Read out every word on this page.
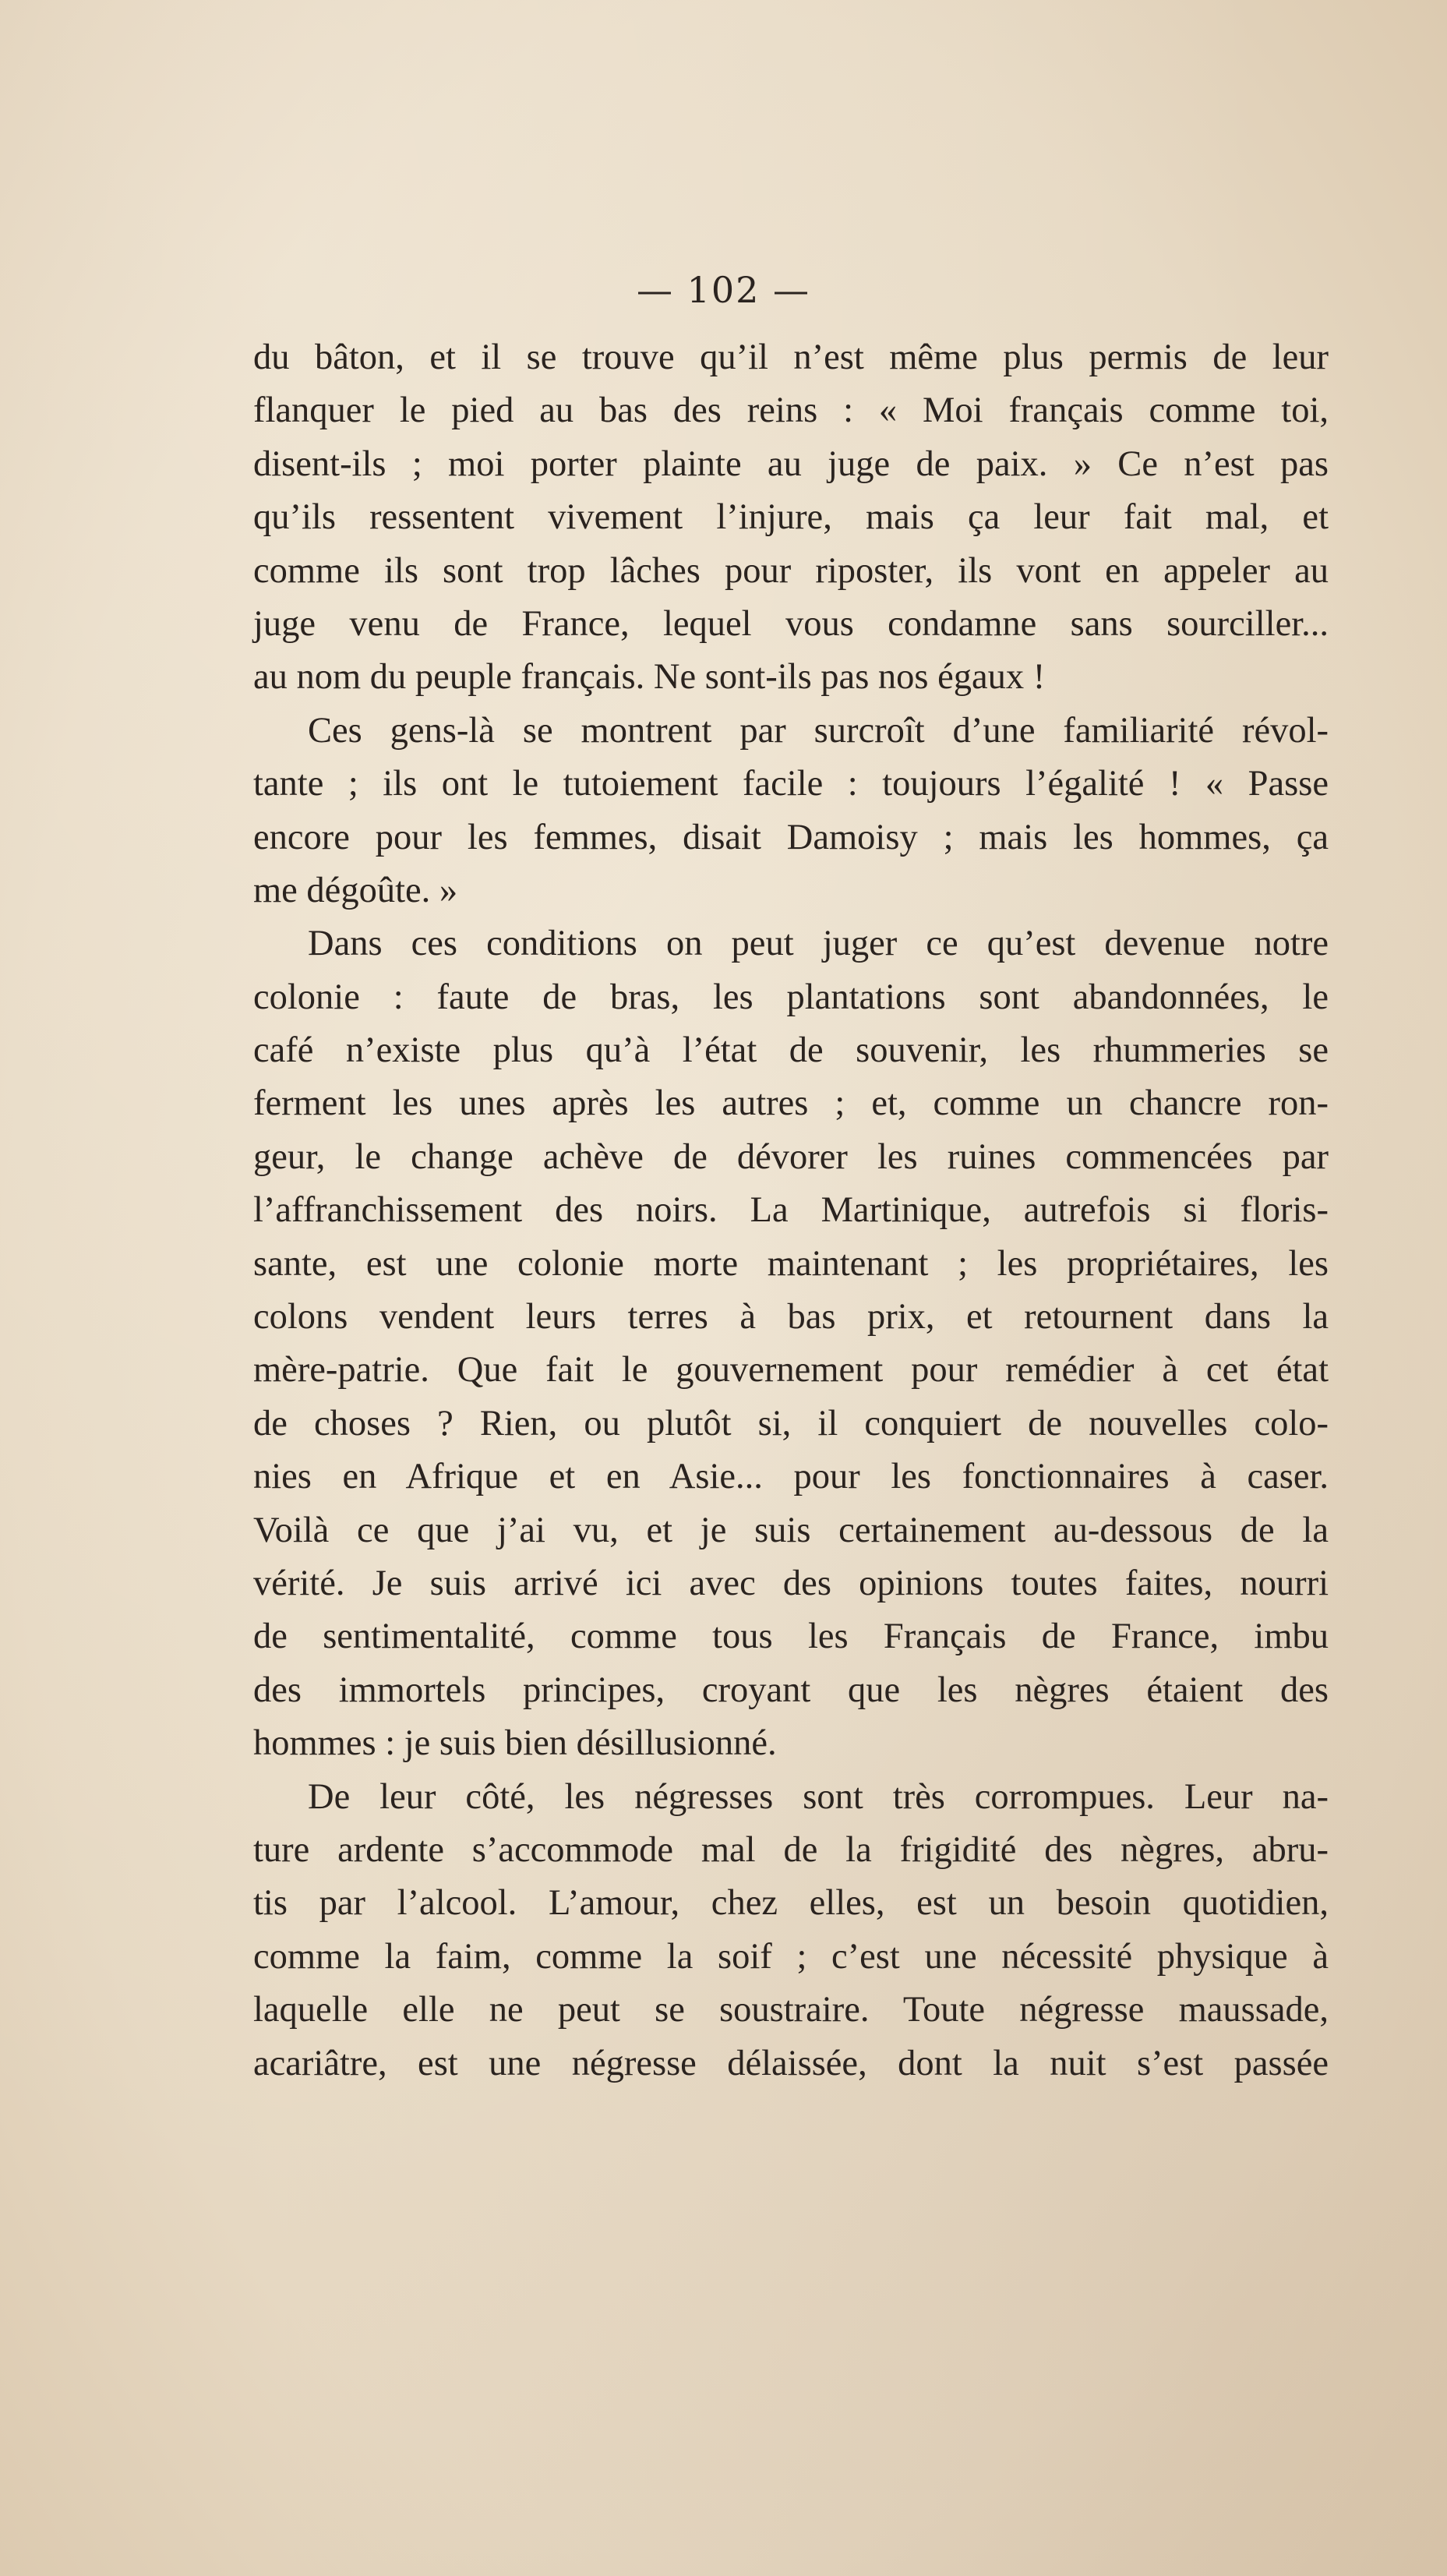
— 102 —
du bâton, et il se trouve qu’il n’est même plus permis de leur
flanquer le pied au bas des reins : « Moi français comme toi,
disent-ils ; moi porter plainte au juge de paix. » Ce n’est pas
qu’ils ressentent vivement l’injure, mais ça leur fait mal, et
comme ils sont trop lâches pour riposter, ils vont en appeler au
juge venu de France, lequel vous condamne sans sourciller...
au nom du peuple français. Ne sont-ils pas nos égaux !
Ces gens-là se montrent par surcroît d’une familiarité révol-
tante ; ils ont le tutoiement facile : toujours l’égalité ! « Passe
encore pour les femmes, disait Damoisy ; mais les hommes, ça
me dégoûte. »
Dans ces conditions on peut juger ce qu’est devenue notre
colonie : faute de bras, les plantations sont abandonnées, le
café n’existe plus qu’à l’état de souvenir, les rhummeries se
ferment les unes après les autres ; et, comme un chancre ron-
geur, le change achève de dévorer les ruines commencées par
l’affranchissement des noirs. La Martinique, autrefois si floris-
sante, est une colonie morte maintenant ; les propriétaires, les
colons vendent leurs terres à bas prix, et retournent dans la
mère-patrie. Que fait le gouvernement pour remédier à cet état
de choses ? Rien, ou plutôt si, il conquiert de nouvelles colo-
nies en Afrique et en Asie... pour les fonctionnaires à caser.
Voilà ce que j’ai vu, et je suis certainement au-dessous de la
vérité. Je suis arrivé ici avec des opinions toutes faites, nourri
de sentimentalité, comme tous les Français de France, imbu
des immortels principes, croyant que les nègres étaient des
hommes : je suis bien désillusionné.
De leur côté, les négresses sont très corrompues. Leur na-
ture ardente s’accommode mal de la frigidité des nègres, abru-
tis par l’alcool. L’amour, chez elles, est un besoin quotidien,
comme la faim, comme la soif ; c’est une nécessité physique à
laquelle elle ne peut se soustraire. Toute négresse maussade,
acariâtre, est une négresse délaissée, dont la nuit s’est passée
